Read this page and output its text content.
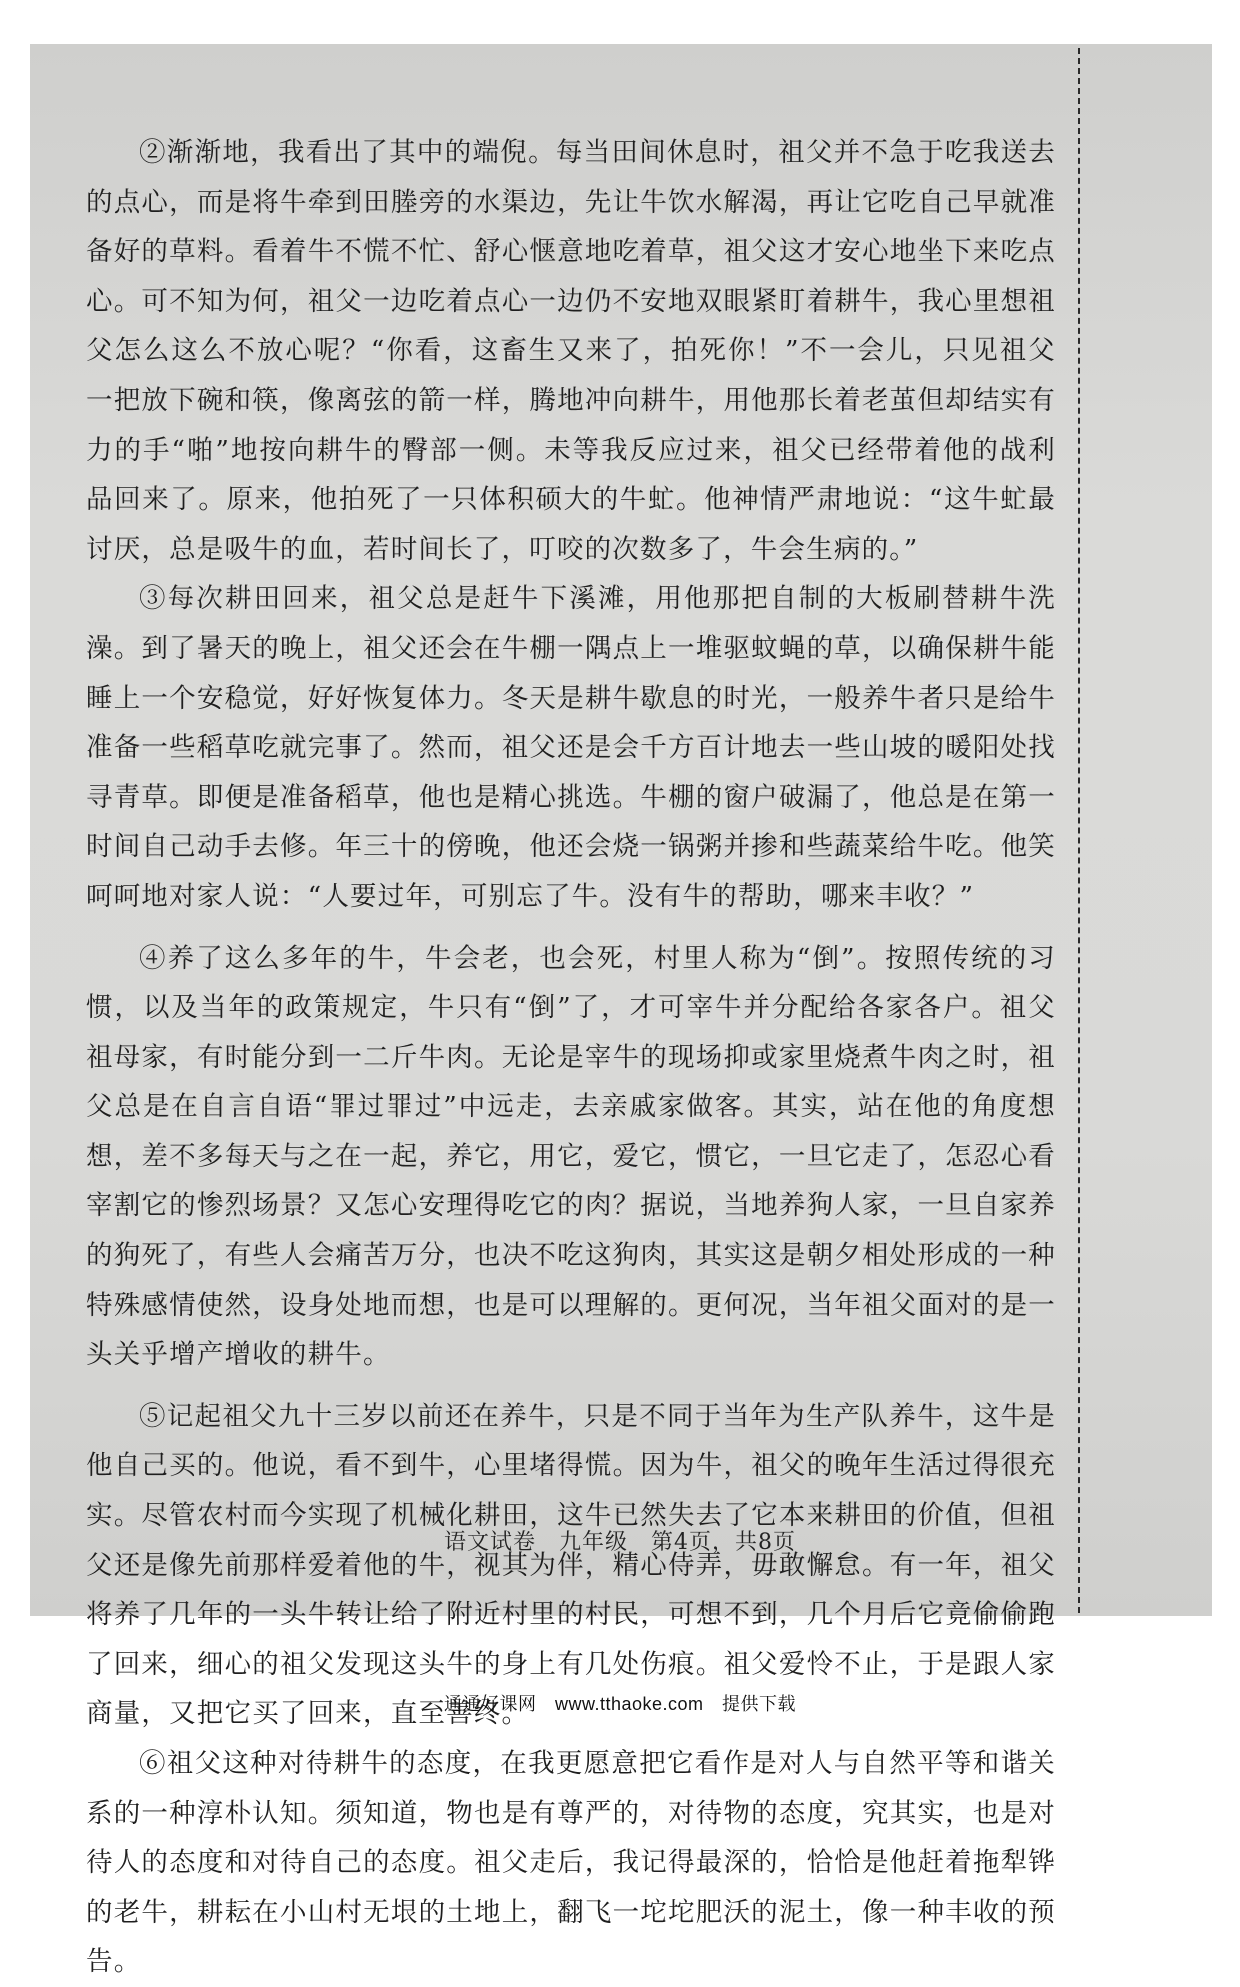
②渐渐地，我看出了其中的端倪。每当田间休息时，祖父并不急于吃我送去的点心，而是将牛牵到田塍旁的水渠边，先让牛饮水解渴，再让它吃自己早就准备好的草料。看着牛不慌不忙、舒心惬意地吃着草，祖父这才安心地坐下来吃点心。可不知为何，祖父一边吃着点心一边仍不安地双眼紧盯着耕牛，我心里想祖父怎么这么不放心呢？“你看，这畜生又来了，拍死你！”不一会儿，只见祖父一把放下碗和筷，像离弦的箭一样，腾地冲向耕牛，用他那长着老茧但却结实有力的手“啪”地按向耕牛的臀部一侧。未等我反应过来，祖父已经带着他的战利品回来了。原来，他拍死了一只体积硕大的牛虻。他神情严肃地说：“这牛虻最讨厌，总是吸牛的血，若时间长了，叮咬的次数多了，牛会生病的。”

③每次耕田回来，祖父总是赶牛下溪滩，用他那把自制的大板刷替耕牛洗澡。到了暑天的晚上，祖父还会在牛棚一隅点上一堆驱蚊蝇的草，以确保耕牛能睡上一个安稳觉，好好恢复体力。冬天是耕牛歇息的时光，一般养牛者只是给牛准备一些稻草吃就完事了。然而，祖父还是会千方百计地去一些山坡的暖阳处找寻青草。即便是准备稻草，他也是精心挑选。牛棚的窗户破漏了，他总是在第一时间自己动手去修。年三十的傍晚，他还会烧一锅粥并掺和些蔬菜给牛吃。他笑呵呵地对家人说：“人要过年，可别忘了牛。没有牛的帮助，哪来丰收？”

④养了这么多年的牛，牛会老，也会死，村里人称为“倒”。按照传统的习惯，以及当年的政策规定，牛只有“倒”了，才可宰牛并分配给各家各户。祖父祖母家，有时能分到一二斤牛肉。无论是宰牛的现场抑或家里烧煮牛肉之时，祖父总是在自言自语“罪过罪过”中远走，去亲戚家做客。其实，站在他的角度想想，差不多每天与之在一起，养它，用它，爱它，惯它，一旦它走了，怎忍心看宰割它的惨烈场景？又怎心安理得吃它的肉？据说，当地养狗人家，一旦自家养的狗死了，有些人会痛苦万分，也决不吃这狗肉，其实这是朝夕相处形成的一种特殊感情使然，设身处地而想，也是可以理解的。更何况，当年祖父面对的是一头关乎增产增收的耕牛。

⑤记起祖父九十三岁以前还在养牛，只是不同于当年为生产队养牛，这牛是他自己买的。他说，看不到牛，心里堵得慌。因为牛，祖父的晚年生活过得很充实。尽管农村而今实现了机械化耕田，这牛已然失去了它本来耕田的价值，但祖父还是像先前那样爱着他的牛，视其为伴，精心侍弄，毋敢懈怠。有一年，祖父将养了几年的一头牛转让给了附近村里的村民，可想不到，几个月后它竟偷偷跑了回来，细心的祖父发现这头牛的身上有几处伤痕。祖父爱怜不止，于是跟人家商量，又把它买了回来，直至善终。

⑥祖父这种对待耕牛的态度，在我更愿意把它看作是对人与自然平等和谐关系的一种淳朴认知。须知道，物也是有尊严的，对待物的态度，究其实，也是对待人的态度和对待自己的态度。祖父走后，我记得最深的，恰恰是他赶着拖犁铧的老牛，耕耘在小山村无垠的土地上，翻飞一坨坨肥沃的泥土，像一种丰收的预告。

语文试卷　九年级　第4页，共8页
通通好课网　www.tthaoke.com　提供下载
